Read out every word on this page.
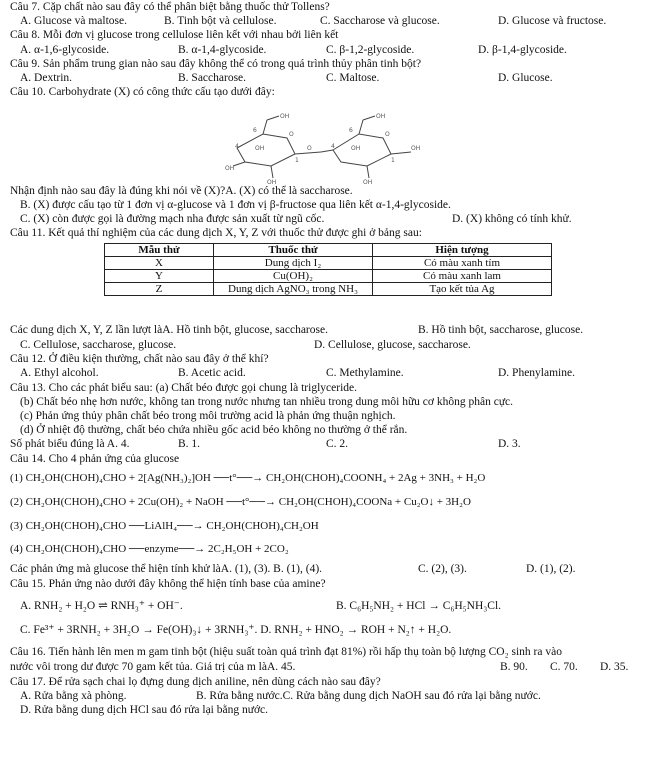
Câu 7. Cặp chất nào sau đây có thể phân biệt bằng thuốc thử Tollens?
A. Glucose và maltose.	B. Tinh bột và cellulose.	C. Saccharose và glucose.	D. Glucose và fructose.
Câu 8. Mỗi đơn vị glucose trong cellulose liên kết với nhau bởi liên kết
A. α-1,6-glycoside.	B. α-1,4-glycoside.	C. β-1,2-glycoside.	D. β-1,4-glycoside.
Câu 9. Sản phẩm trung gian nào sau đây không thể có trong quá trình thủy phân tinh bột?
A. Dextrin.	B. Saccharose.	C. Maltose.	D. Glucose.
Câu 10. Carbohydrate (X) có công thức cấu tạo dưới đây:
OH	OH
6	6
O	O
OH	OH
OH
OH	OH
O	OH
4	4
1	1
Nhận định nào sau đây là đúng khi nói về (X)?A. (X) có thể là saccharose.
B. (X) được cấu tạo từ 1 đơn vị α-glucose và 1 đơn vị β-fructose qua liên kết α-1,4-glycoside.
C. (X) còn được gọi là đường mạch nha được sản xuất từ ngũ cốc.	D. (X) không có tính khử.
Câu 11. Kết quả thí nghiệm của các dung dịch X, Y, Z với thuốc thử được ghi ở bảng sau:
Mẫu thử	Thuốc thử	Hiện tượng
X	Dung dịch I₂	Có màu xanh tím
Y	Cu(OH)₂	Có màu xanh lam
Z	Dung dịch AgNO₃ trong NH₃	Tạo kết tủa Ag
Các dung dịch X, Y, Z lần lượt làA. Hồ tinh bột, glucose, saccharose.	B. Hồ tinh bột, saccharose, glucose.
C. Cellulose, saccharose, glucose.	D. Cellulose, glucose, saccharose.
Câu 12. Ở điều kiện thường, chất nào sau đây ở thể khí?
A. Ethyl alcohol.	B. Acetic acid.	C. Methylamine.	D. Phenylamine.
Câu 13. Cho các phát biểu sau: (a) Chất béo được gọi chung là triglyceride.
(b) Chất béo nhẹ hơn nước, không tan trong nước nhưng tan nhiều trong dung môi hữu cơ không phân cực.
(c) Phản ứng thủy phân chất béo trong môi trường acid là phản ứng thuận nghịch.
(d) Ở nhiệt độ thường, chất béo chứa nhiều gốc acid béo không no thường ở thể rắn.
Số phát biểu đúng là A. 4.	B. 1.	C. 2.	D. 3.
Câu 14. Cho 4 phản ứng của glucose
(1) CH₂OH(CHOH)₄CHO + 2[Ag(NH₃)₂]OH ──t°──→ CH₂OH(CHOH)₄COONH₄ + 2Ag + 3NH₃ + H₂O
(2) CH₂OH(CHOH)₄CHO + 2Cu(OH)₂ + NaOH ──t°──→ CH₂OH(CHOH)₄COONa + Cu₂O↓ + 3H₂O
(3) CH₂OH(CHOH)₄CHO ──LiAlH₄──→ CH₂OH(CHOH)₄CH₂OH
(4) CH₂OH(CHOH)₄CHO ──enzyme──→ 2C₂H₅OH + 2CO₂
Các phản ứng mà glucose thể hiện tính khử làA. (1), (3). B. (1), (4).	C. (2), (3).	D. (1), (2).
Câu 15. Phản ứng nào dưới đây không thể hiện tính base của amine?
A. RNH₂ + H₂O ⇌ RNH₃⁺ + OH⁻.	B. C₆H₅NH₂ + HCl → C₆H₅NH₃Cl.
C. Fe³⁺ + 3RNH₂ + 3H₂O → Fe(OH)₃↓ + 3RNH₃⁺. D. RNH₂ + HNO₂ → ROH + N₂↑ + H₂O.
Câu 16. Tiến hành lên men m gam tinh bột (hiệu suất toàn quá trình đạt 81%) rồi hấp thụ toàn bộ lượng CO₂ sinh ra vào
nước vôi trong dư được 70 gam kết tủa. Giá trị của m làA. 45.	B. 90. C. 70. D. 35.
Câu 17. Để rửa sạch chai lọ đựng dung dịch aniline, nên dùng cách nào sau đây?
A. Rửa bằng xà phòng.	B. Rửa bằng nước.C. Rửa bằng dung dịch NaOH sau đó rửa lại bằng nước.
D. Rửa bằng dung dịch HCl sau đó rửa lại bằng nước.
